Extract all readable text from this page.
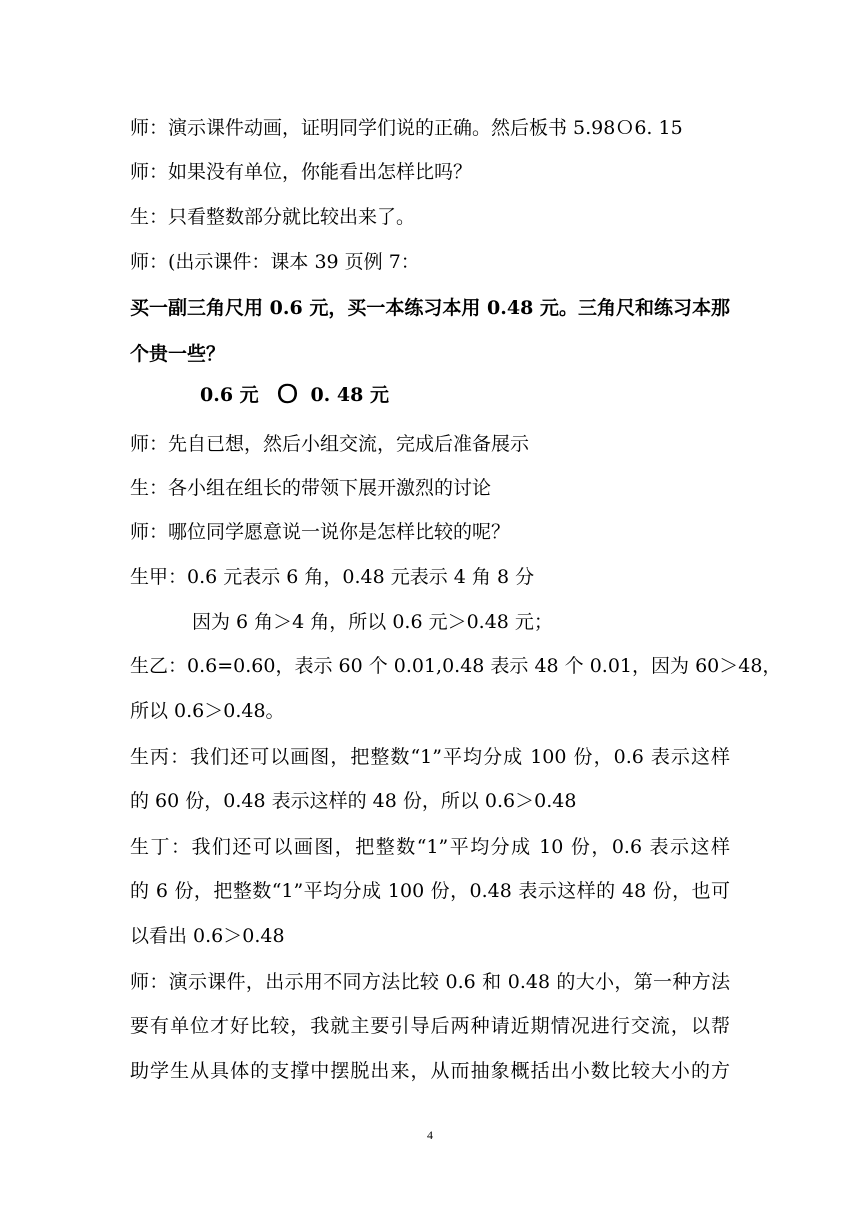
师：演示课件动画，证明同学们说的正确。然后板书 5.98Ｏ6. 15
师：如果没有单位，你能看出怎样比吗？
生：只看整数部分就比较出来了。
师：(出示课件：课本 39 页例 7：
买一副三角尺用 0.6 元，买一本练习本用 0.48 元。三角尺和练习本那
个贵一些？
0.6 元 O 0. 48 元
师：先自已想，然后小组交流，完成后准备展示
生：各小组在组长的带领下展开激烈的讨论
师：哪位同学愿意说一说你是怎样比较的呢？
生甲：0.6 元表示 6 角，0.48 元表示 4 角 8 分
因为 6 角＞4 角，所以 0.6 元＞0.48 元；
生乙：0.6=0.60，表示 60 个 0.01,0.48 表示 48 个 0.01，因为 60＞48，
所以 0.6＞0.48。
生丙：我们还可以画图，把整数“1”平均分成 100 份，0.6 表示这样
的 60 份，0.48 表示这样的 48 份，所以 0.6＞0.48
生丁：我们还可以画图，把整数“1”平均分成 10 份，0.6 表示这样
的 6 份，把整数“1”平均分成 100 份，0.48 表示这样的 48 份，也可
以看出 0.6＞0.48
师：演示课件，出示用不同方法比较 0.6 和 0.48 的大小，第一种方法
要有单位才好比较，我就主要引导后两种请近期情况进行交流，以帮
助学生从具体的支撑中摆脱出来，从而抽象概括出小数比较大小的方
4
